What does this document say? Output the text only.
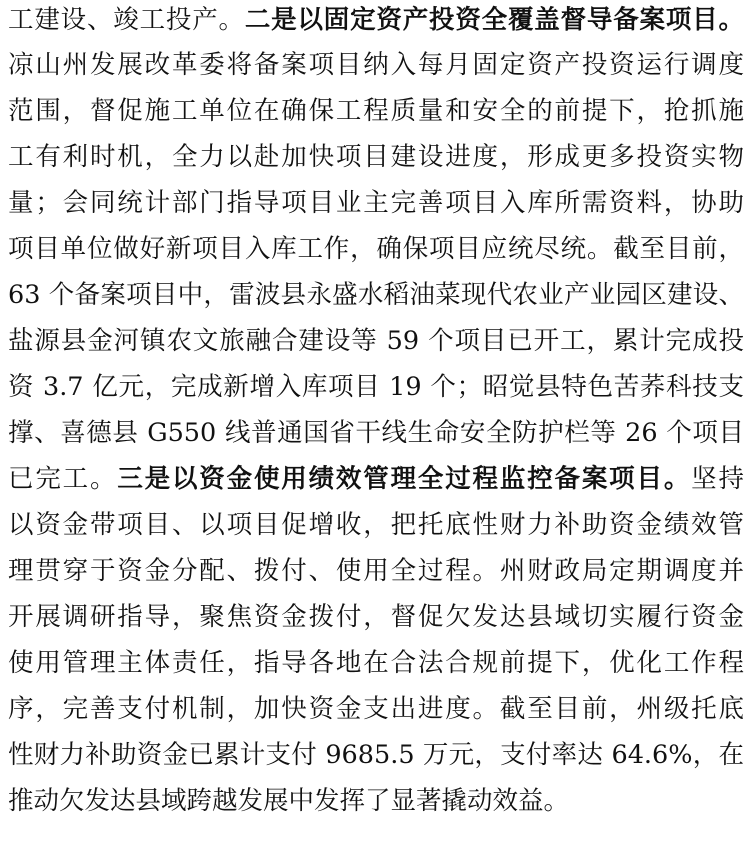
工建设、竣工投产。二是以固定资产投资全覆盖督导备案项目。
凉山州发展改革委将备案项目纳入每月固定资产投资运行调度
范围，督促施工单位在确保工程质量和安全的前提下，抢抓施
工有利时机，全力以赴加快项目建设进度，形成更多投资实物
量；会同统计部门指导项目业主完善项目入库所需资料，协助
项目单位做好新项目入库工作，确保项目应统尽统。截至目前，
63 个备案项目中，雷波县永盛水稻油菜现代农业产业园区建设、
盐源县金河镇农文旅融合建设等 59 个项目已开工，累计完成投
资 3.7 亿元，完成新增入库项目 19 个；昭觉县特色苦荞科技支
撑、喜德县 G550 线普通国省干线生命安全防护栏等 26 个项目
已完工。三是以资金使用绩效管理全过程监控备案项目。坚持
以资金带项目、以项目促增收，把托底性财力补助资金绩效管
理贯穿于资金分配、拨付、使用全过程。州财政局定期调度并
开展调研指导，聚焦资金拨付，督促欠发达县域切实履行资金
使用管理主体责任，指导各地在合法合规前提下，优化工作程
序，完善支付机制，加快资金支出进度。截至目前，州级托底
性财力补助资金已累计支付 9685.5 万元，支付率达 64.6%，在
推动欠发达县域跨越发展中发挥了显著撬动效益。
